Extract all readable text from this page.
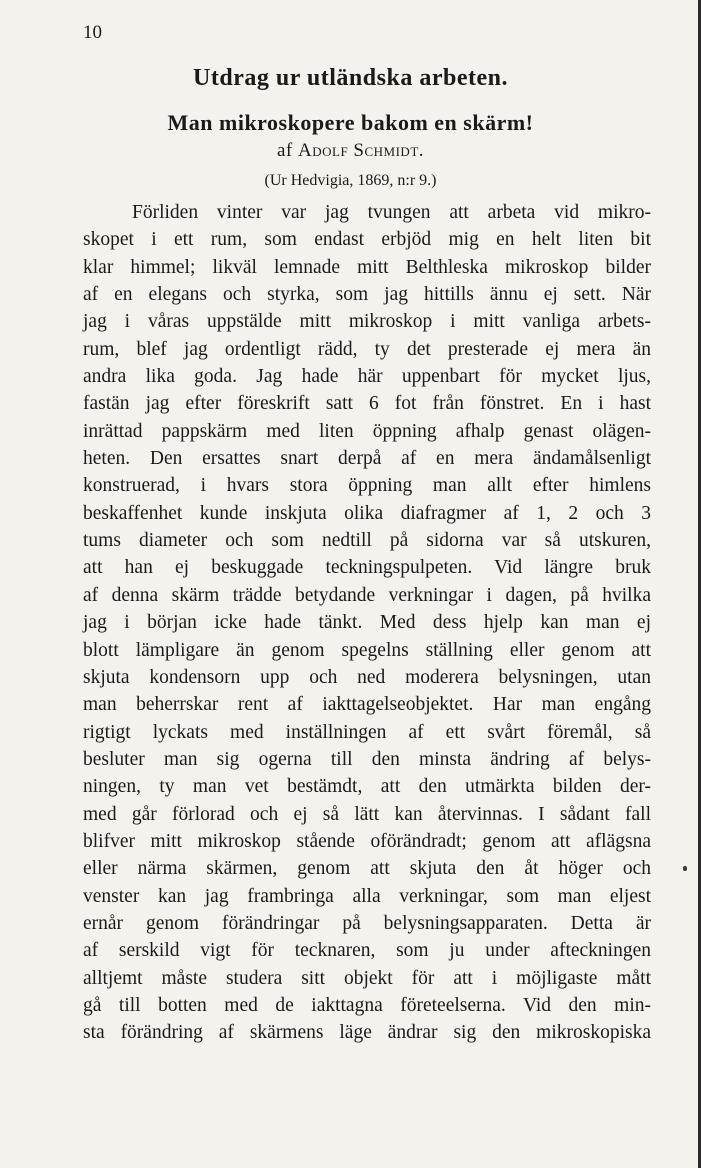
10
Utdrag ur utländska arbeten.
Man mikroskopere bakom en skärm!
af Adolf Schmidt.
(Ur Hedvigia, 1869, n:r 9.)
Förliden vinter var jag tvungen att arbeta vid mikro-
skopet i ett rum, som endast erbjöd mig en helt liten bit
klar himmel; likväl lemnade mitt Belthleska mikroskop bilder
af en elegans och styrka, som jag hittills ännu ej sett. När
jag i våras uppstälde mitt mikroskop i mitt vanliga arbets-
rum, blef jag ordentligt rädd, ty det presterade ej mera än
andra lika goda. Jag hade här uppenbart för mycket ljus,
fastän jag efter föreskrift satt 6 fot från fönstret. En i hast
inrättad pappskärm med liten öppning afhalp genast olägen-
heten. Den ersattes snart derpå af en mera ändamålsenligt
konstruerad, i hvars stora öppning man allt efter himlens
beskaffenhet kunde inskjuta olika diafragmer af 1, 2 och 3
tums diameter och som nedtill på sidorna var så utskuren,
att han ej beskuggade teckningspulpeten. Vid längre bruk
af denna skärm trädde betydande verkningar i dagen, på hvilka
jag i början icke hade tänkt. Med dess hjelp kan man ej
blott lämpligare än genom spegelns ställning eller genom att
skjuta kondensorn upp och ned moderera belysningen, utan
man beherrskar rent af iakttagelseobjektet. Har man engång
rigtigt lyckats med inställningen af ett svårt föremål, så
besluter man sig ogerna till den minsta ändring af belys-
ningen, ty man vet bestämdt, att den utmärkta bilden der-
med går förlorad och ej så lätt kan återvinnas. I sådant fall
blifver mitt mikroskop stående oförändradt; genom att aflägsna
eller närma skärmen, genom att skjuta den åt höger och
venster kan jag frambringa alla verkningar, som man eljest
ernår genom förändringar på belysningsapparaten. Detta är
af serskild vigt för tecknaren, som ju under afteckningen
alltjemt måste studera sitt objekt för att i möjligaste mått
gå till botten med de iakttagna företeelserna. Vid den min-
sta förändring af skärmens läge ändrar sig den mikroskopiska
